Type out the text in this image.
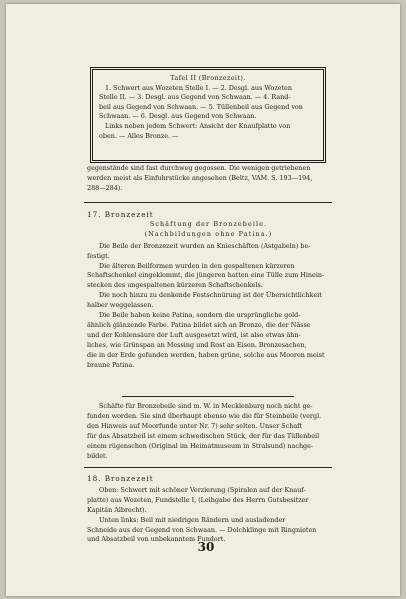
Tafel II (Bronzezeit).

1. Schwert aus Wozeten Stelle I. — 2. Desgl. aus Wozeten

Stelle II. — 3. Desgl. aus Gegend von Schwaan. — 4. Rand-

beil aus Gegend von Schwaan. — 5. Tüllenbeil aus Gegend von

Schwaan. — 6. Desgl. aus Gegend von Schwaan.

Links neben jedem Schwert: Ansicht der Knaufplatte von

oben. — Alles Bronze. —

gegenstände sind fast durchweg gegossen. Die wenigen getriebenen

werden meist als Einfuhrstücke angesehen (Beltz, VAM. S. 193—194,

288—284).

17. Bronzezeit

Schäftung der Bronzebeile.

(Nachbildungen ohne Patina.)

Die Beile der Bronzezeit wurden an Knieschäften (Astgabeln) be-

festigt.

Die älteren Beilformen wurden in den gespaltenen kürzeren

Schaftschenkel eingeklemmt, die jüngeren hatten eine Tülle zum Hinein-

stecken des ungespaltenen kürzeren Schaftschenkels.

Die noch hinzu zu denkende Festschnürung ist der Übersichtlichkeit

halber weggelassen.

Die Beile haben keine Patina, sondern die ursprüngliche gold-

ähnlich glänzende Farbe. Patina bildet sich an Bronze, die der Nässe

und der Kohlensäure der Luft ausgesetzt wird, ist also etwas ähn-

liches, wie Grünspan an Messing und Rost an Eisen. Bronzesachen,

die in der Erde gefunden werden, haben grüne, solche aus Mooren meist

braune Patina.

Schäfte für Bronzebeile sind m. W. in Mecklenburg noch nicht ge-

funden worden. Sie sind überhaupt ebenso wie die für Steinbeile (vergl.

den Hinweis auf Moorfunde unter Nr. 7) sehr selten. Unser Schaft

für das Absatzbeil ist einem schwedischen Stück, der für das Tüllenbeil

einem rügenschen (Original im Heimatmuseum in Stralsund) nachge-

bildet.

18. Bronzezeit

Oben: Schwert mit schöner Verzierung (Spiralen auf der Knauf-

platte) aus Wozeten, Fundstelle I, (Leihgabe des Herrn Gutsbesitzer

Kapitän Albrecht).

Unten links: Beil mit niedrigen Rändern und ausladender

Schneide aus der Gegend von Schwaan. — Dolchklinge mit Ringnieten

und Absatzbeil von unbekanntem Fundort.

30
